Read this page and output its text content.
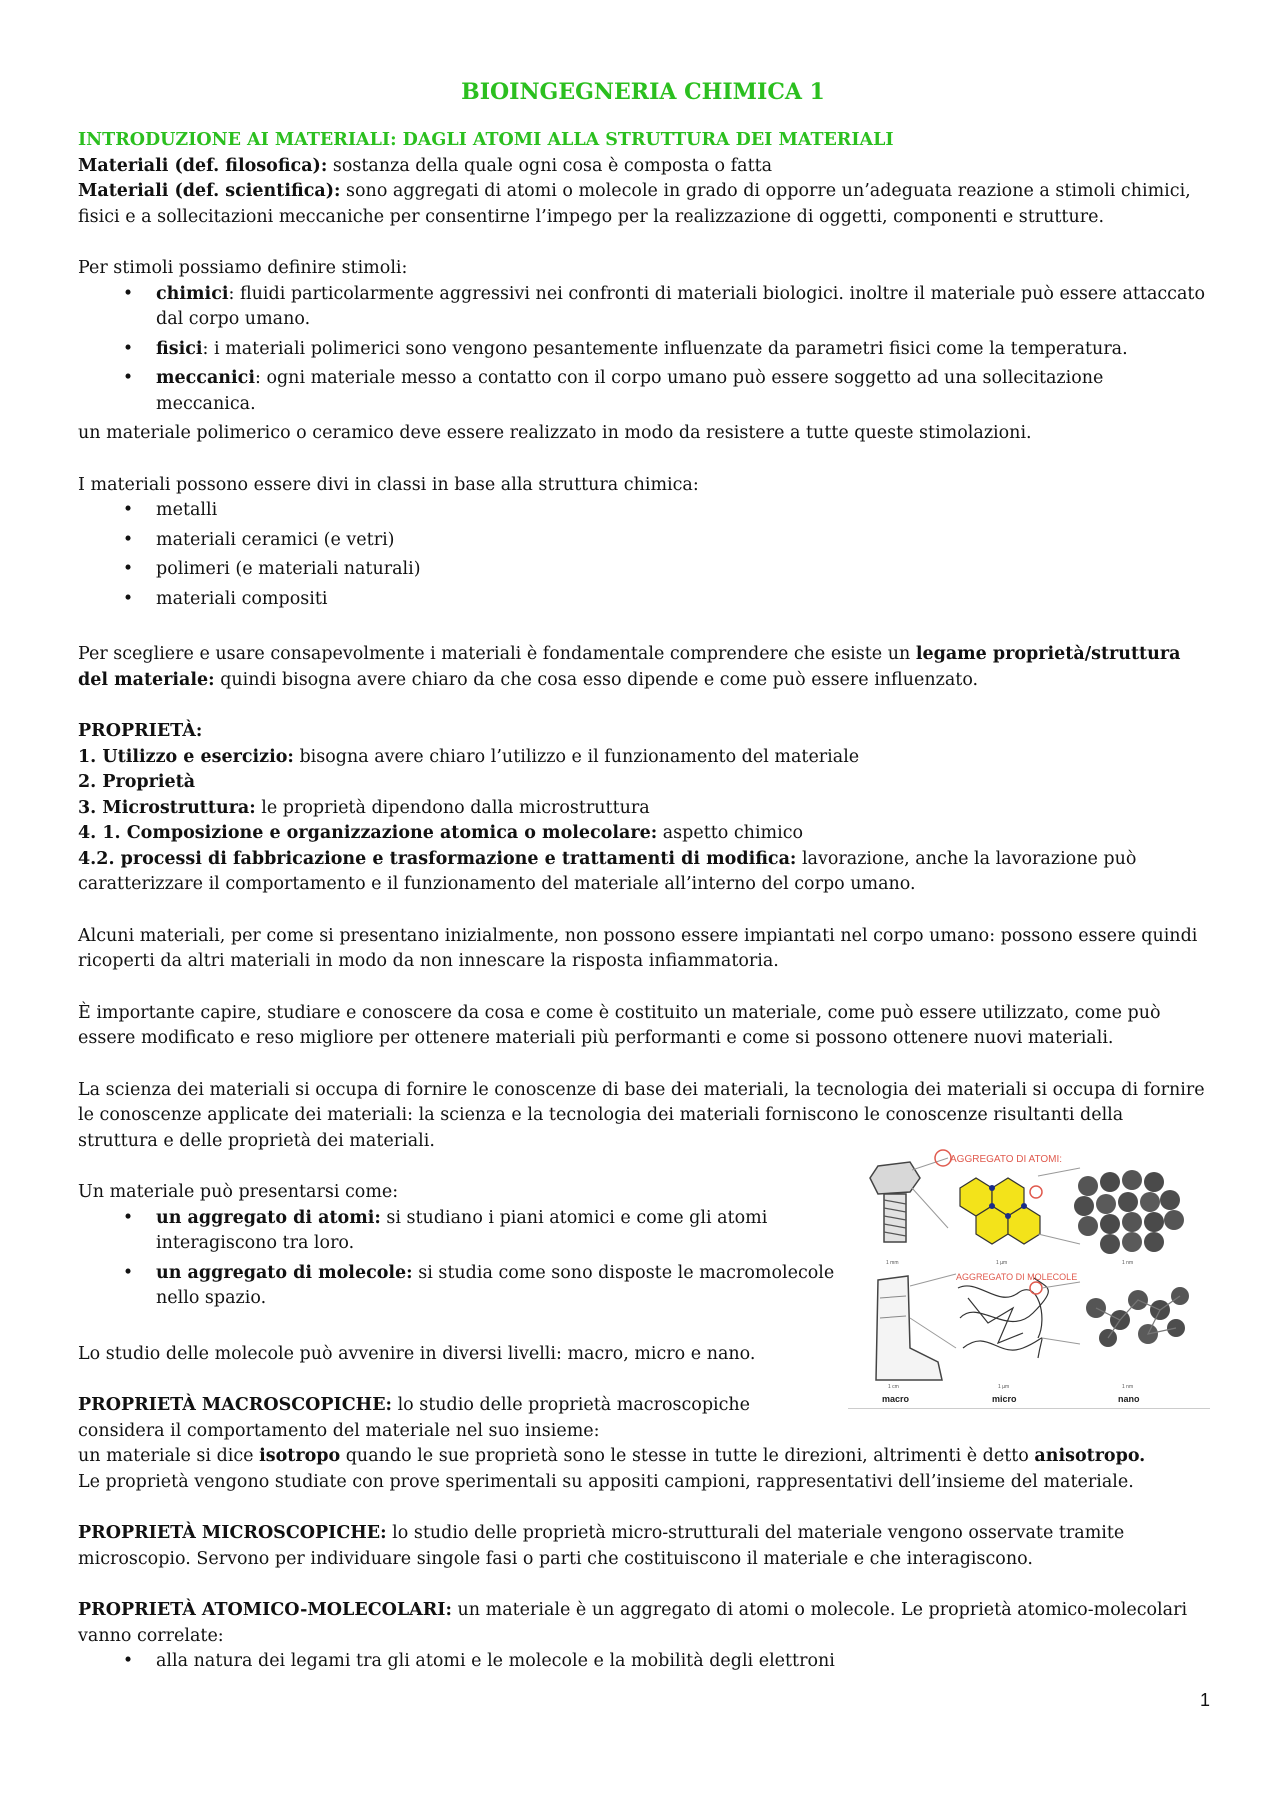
BIOINGEGNERIA CHIMICA 1

INTRODUZIONE AI MATERIALI: DAGLI ATOMI ALLA STRUTTURA DEI MATERIALI

Materiali (def. filosofica): sostanza della quale ogni cosa è composta o fatta

Materiali (def. scientifica): sono aggregati di atomi o molecole in grado di opporre un’adeguata reazione a stimoli chimici, fisici e a sollecitazioni meccaniche per consentirne l’impego per la realizzazione di oggetti, componenti e strutture.

Per stimoli possiamo definire stimoli:

• chimici: fluidi particolarmente aggressivi nei confronti di materiali biologici. inoltre il materiale può essere attaccato dal corpo umano.
• fisici: i materiali polimerici sono vengono pesantemente influenzate da parametri fisici come la temperatura.
• meccanici: ogni materiale messo a contatto con il corpo umano può essere soggetto ad una sollecitazione meccanica.

un materiale polimerico o ceramico deve essere realizzato in modo da resistere a tutte queste stimolazioni.

I materiali possono essere divi in classi in base alla struttura chimica:

• metalli
• materiali ceramici (e vetri)
• polimeri (e materiali naturali)
• materiali compositi

Per scegliere e usare consapevolmente i materiali è fondamentale comprendere che esiste un legame proprietà/struttura del materiale: quindi bisogna avere chiaro da che cosa esso dipende e come può essere influenzato.

PROPRIETÀ:

1. Utilizzo e esercizio: bisogna avere chiaro l’utilizzo e il funzionamento del materiale

2. Proprietà

3. Microstruttura: le proprietà dipendono dalla microstruttura

4. 1. Composizione e organizzazione atomica o molecolare: aspetto chimico

4.2. processi di fabbricazione e trasformazione e trattamenti di modifica: lavorazione, anche la lavorazione può caratterizzare il comportamento e il funzionamento del materiale all’interno del corpo umano.

Alcuni materiali, per come si presentano inizialmente, non possono essere impiantati nel corpo umano: possono essere quindi ricoperti da altri materiali in modo da non innescare la risposta infiammatoria.

È importante capire, studiare e conoscere da cosa e come è costituito un materiale, come può essere utilizzato, come può essere modificato e reso migliore per ottenere materiali più performanti e come si possono ottenere nuovi materiali.

La scienza dei materiali si occupa di fornire le conoscenze di base dei materiali, la tecnologia dei materiali si occupa di fornire le conoscenze applicate dei materiali: la scienza e la tecnologia dei materiali forniscono le conoscenze risultanti della struttura e delle proprietà dei materiali.

Un materiale può presentarsi come:

• un aggregato di atomi: si studiano i piani atomici e come gli atomi interagiscono tra loro.
• un aggregato di molecole: si studia come sono disposte le macromolecole nello spazio.

Lo studio delle molecole può avvenire in diversi livelli: macro, micro e nano.

PROPRIETÀ MACROSCOPICHE: lo studio delle proprietà macroscopiche considera il comportamento del materiale nel suo insieme:

un materiale si dice isotropo quando le sue proprietà sono le stesse in tutte le direzioni, altrimenti è detto anisotropo.

Le proprietà vengono studiate con prove sperimentali su appositi campioni, rappresentativi dell’insieme del materiale.

PROPRIETÀ MICROSCOPICHE: lo studio delle proprietà micro-strutturali del materiale vengono osservate tramite microscopio. Servono per individuare singole fasi o parti che costituiscono il materiale e che interagiscono.

PROPRIETÀ ATOMICO-MOLECOLARI: un materiale è un aggregato di atomi o molecole. Le proprietà atomico-molecolari vanno correlate:

• alla natura dei legami tra gli atomi e le molecole e la mobilità degli elettroni
AGGREGATO DI ATOMI:
1 mm	1 µm	1 nm
AGGREGATO DI MOLECOLE
1 cm	1 µm	1 nm
macro	micro	nano
1
